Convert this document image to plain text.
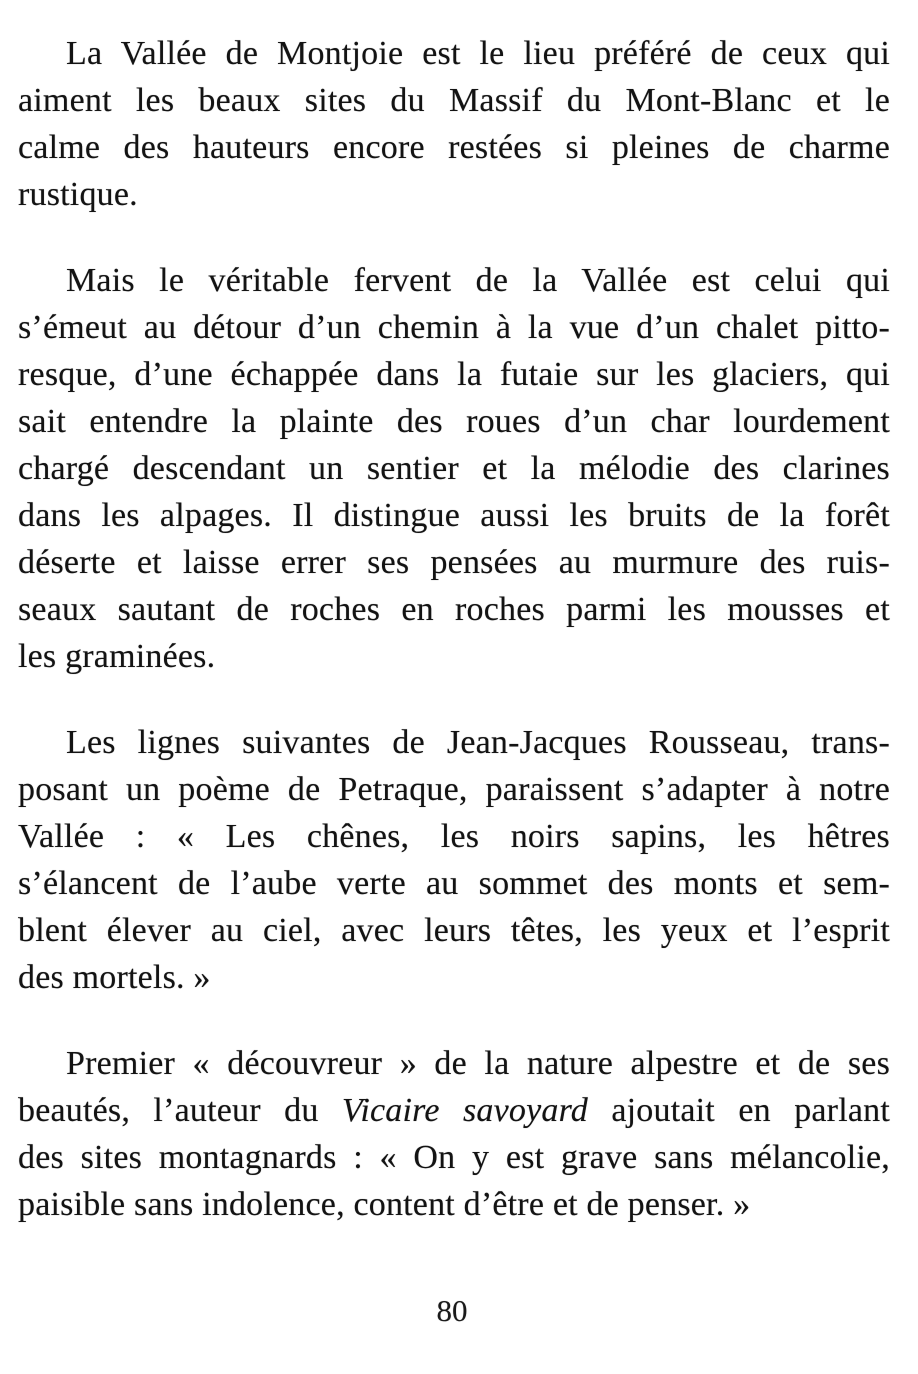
La Vallée de Montjoie est le lieu préféré de ceux qui
aiment les beaux sites du Massif du Mont-Blanc et le
calme des hauteurs encore restées si pleines de charme
rustique.
Mais le véritable fervent de la Vallée est celui qui
s’émeut au détour d’un chemin à la vue d’un chalet pitto-
resque, d’une échappée dans la futaie sur les glaciers, qui
sait entendre la plainte des roues d’un char lourdement
chargé descendant un sentier et la mélodie des clarines
dans les alpages. Il distingue aussi les bruits de la forêt
déserte et laisse errer ses pensées au murmure des ruis-
seaux sautant de roches en roches parmi les mousses et
les graminées.
Les lignes suivantes de Jean-Jacques Rousseau, trans-
posant un poème de Petraque, paraissent s’adapter à notre
Vallée : « Les chênes, les noirs sapins, les hêtres
s’élancent de l’aube verte au sommet des monts et sem-
blent élever au ciel, avec leurs têtes, les yeux et l’esprit
des mortels. »
Premier « découvreur » de la nature alpestre et de ses
beautés, l’auteur du Vicaire savoyard ajoutait en parlant
des sites montagnards : « On y est grave sans mélancolie,
paisible sans indolence, content d’être et de penser. »
80
